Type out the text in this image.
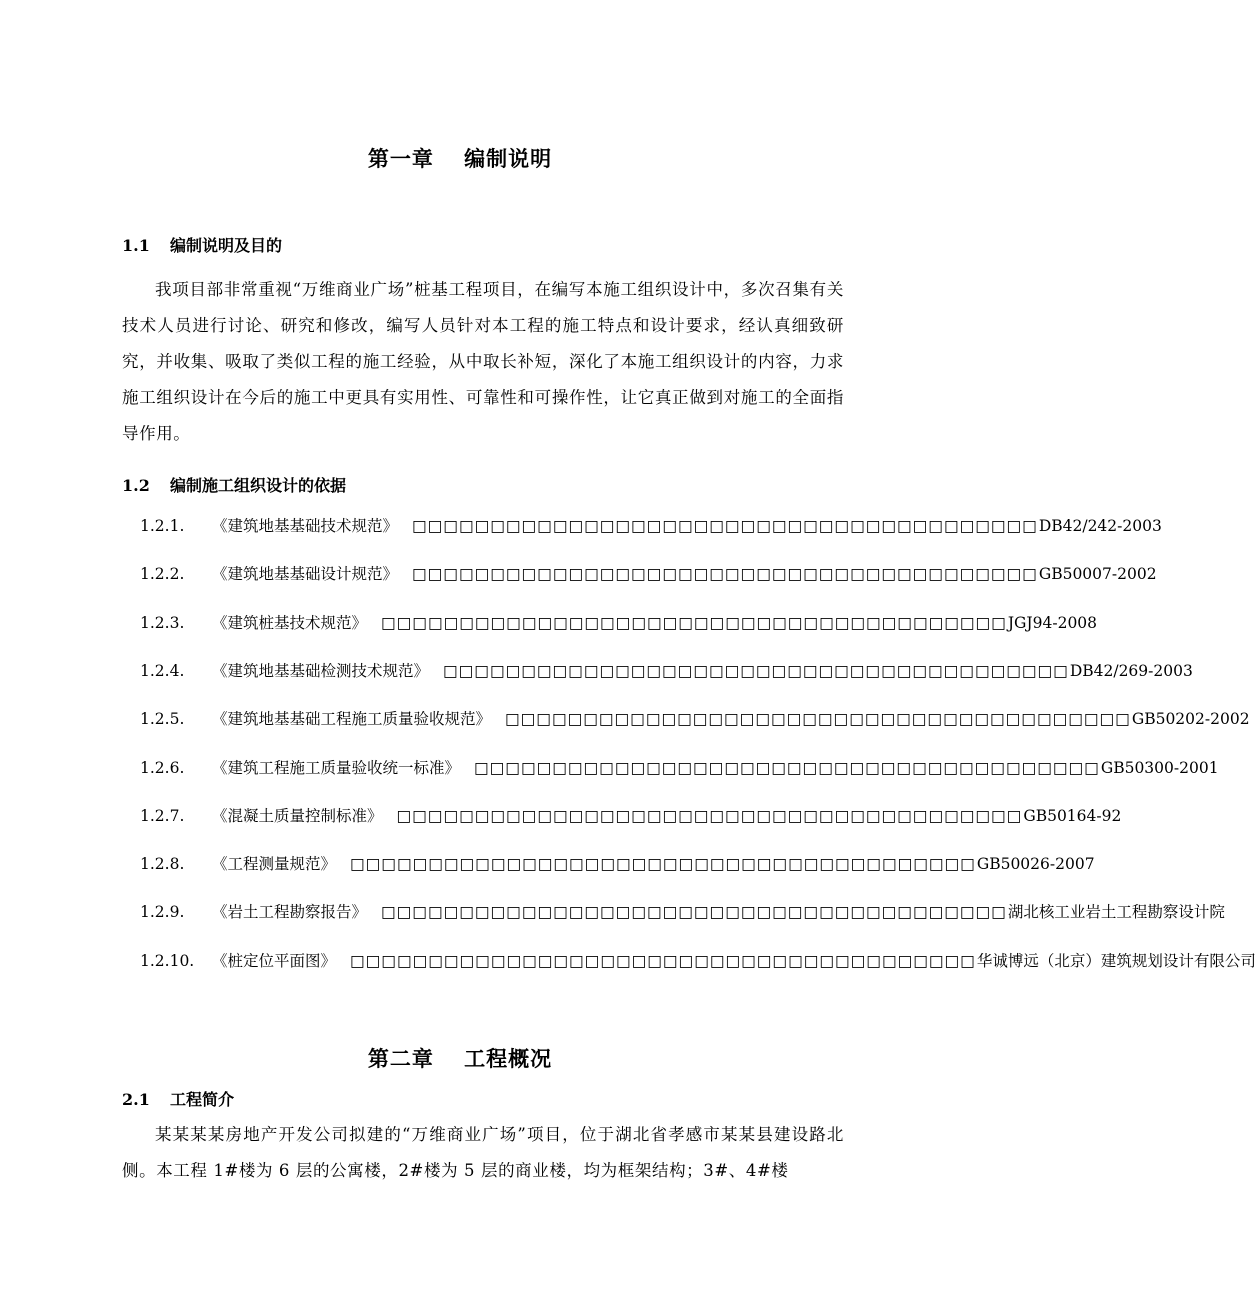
第一章　 编制说明
1.1 编制说明及目的

我项目部非常重视“万维商业广场”桩基工程项目，在编写本施工组织设计中，多次召集有关技术人员进行讨论、研究和修改，编写人员针对本工程的施工特点和设计要求，经认真细致研究，并收集、吸取了类似工程的施工经验，从中取长补短，深化了本施工组织设计的内容，力求施工组织设计在今后的施工中更具有实用性、可靠性和可操作性，让它真正做到对施工的全面指导作用。

1.2 编制施工组织设计的依据
1.2.1.	《建筑地基基础技术规范》 □□□□□□□□□□□□□□□□□□□□□□□□□□□□□□□□□□□□□□□□ DB42/242-2003
1.2.2.	《建筑地基基础设计规范》 □□□□□□□□□□□□□□□□□□□□□□□□□□□□□□□□□□□□□□□□ GB50007-2002
1.2.3.	《建筑桩基技术规范》 □□□□□□□□□□□□□□□□□□□□□□□□□□□□□□□□□□□□□□□□ JGJ94-2008
1.2.4.	《建筑地基基础检测技术规范》 □□□□□□□□□□□□□□□□□□□□□□□□□□□□□□□□□□□□□□□□ DB42/269-2003
1.2.5.	《建筑地基基础工程施工质量验收规范》 □□□□□□□□□□□□□□□□□□□□□□□□□□□□□□□□□□□□□□□□ GB50202-2002
1.2.6.	《建筑工程施工质量验收统一标准》 □□□□□□□□□□□□□□□□□□□□□□□□□□□□□□□□□□□□□□□□ GB50300-2001
1.2.7.	《混凝土质量控制标准》 □□□□□□□□□□□□□□□□□□□□□□□□□□□□□□□□□□□□□□□□ GB50164-92
1.2.8.	《工程测量规范》 □□□□□□□□□□□□□□□□□□□□□□□□□□□□□□□□□□□□□□□□ GB50026-2007
1.2.9.	《岩土工程勘察报告》 □□□□□□□□□□□□□□□□□□□□□□□□□□□□□□□□□□□□□□□□ 湖北核工业岩土工程勘察设计院
1.2.10.	《桩定位平面图》 □□□□□□□□□□□□□□□□□□□□□□□□□□□□□□□□□□□□□□□□ 华诚博远（北京）建筑规划设计有限公司
第二章　 工程概况
2.1 工程简介

某某某某房地产开发公司拟建的“万维商业广场”项目，位于湖北省孝感市某某县建设路北侧。本工程 1#楼为 6 层的公寓楼，2#楼为 5 层的商业楼，均为框架结构；3#、4#楼
